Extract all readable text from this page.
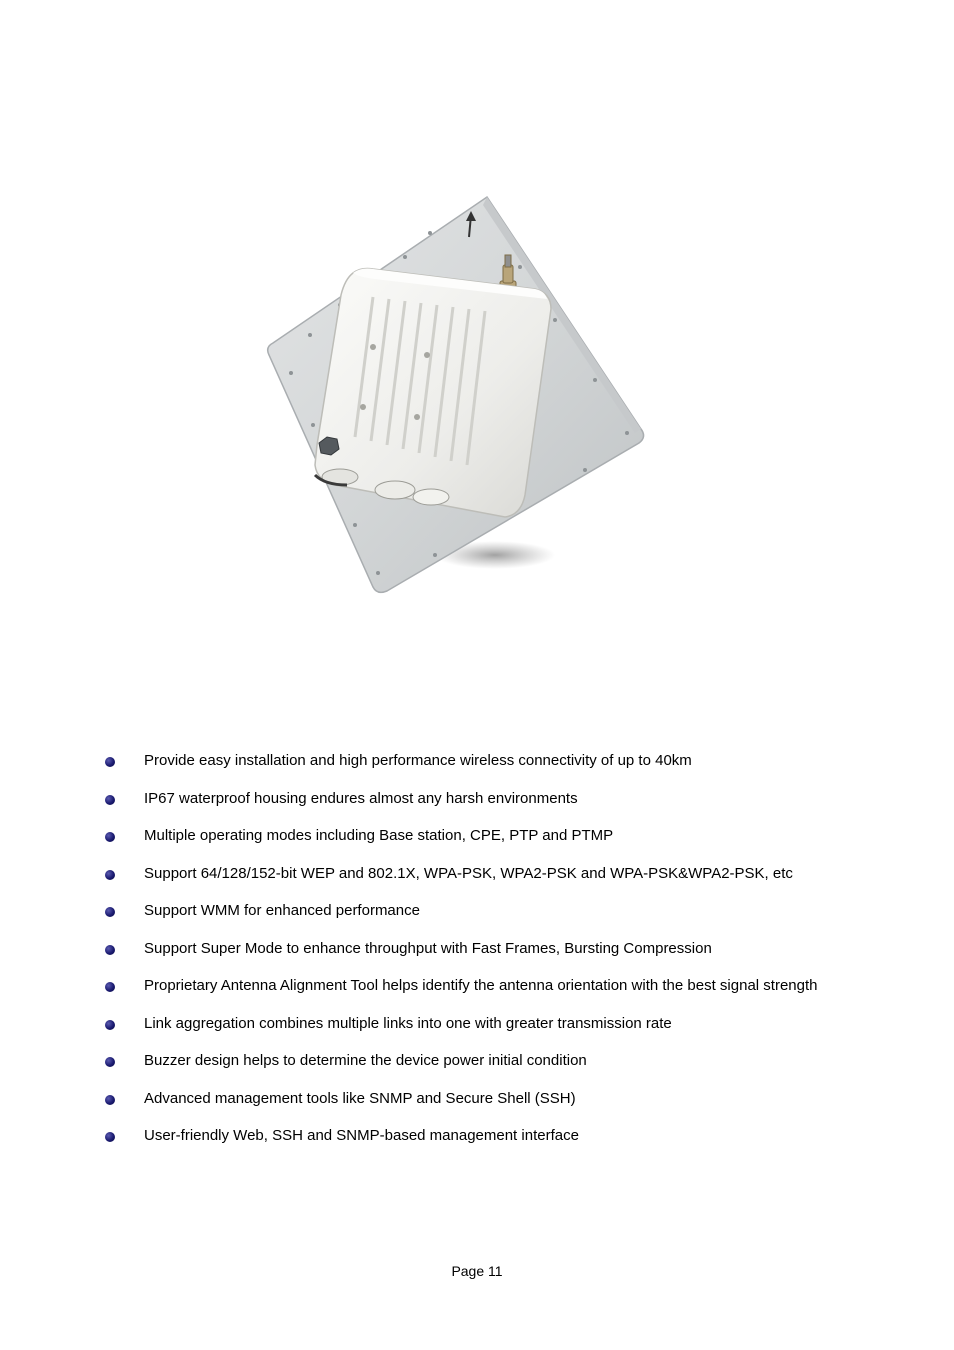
Provide easy installation and high performance wireless connectivity of up to 40km
IP67 waterproof housing endures almost any harsh environments
Multiple operating modes including Base station, CPE, PTP and PTMP
Support 64/128/152-bit WEP and 802.1X, WPA-PSK, WPA2-PSK and WPA-PSK&WPA2-PSK, etc
Support WMM for enhanced performance
Support Super Mode to enhance throughput with Fast Frames, Bursting Compression
Proprietary Antenna Alignment Tool helps identify the antenna orientation with the best signal strength
Link aggregation combines multiple links into one with greater transmission rate
Buzzer design helps to determine the device power initial condition
Advanced management tools like SNMP and Secure Shell (SSH)
User-friendly Web, SSH and SNMP-based management interface
Page 11
